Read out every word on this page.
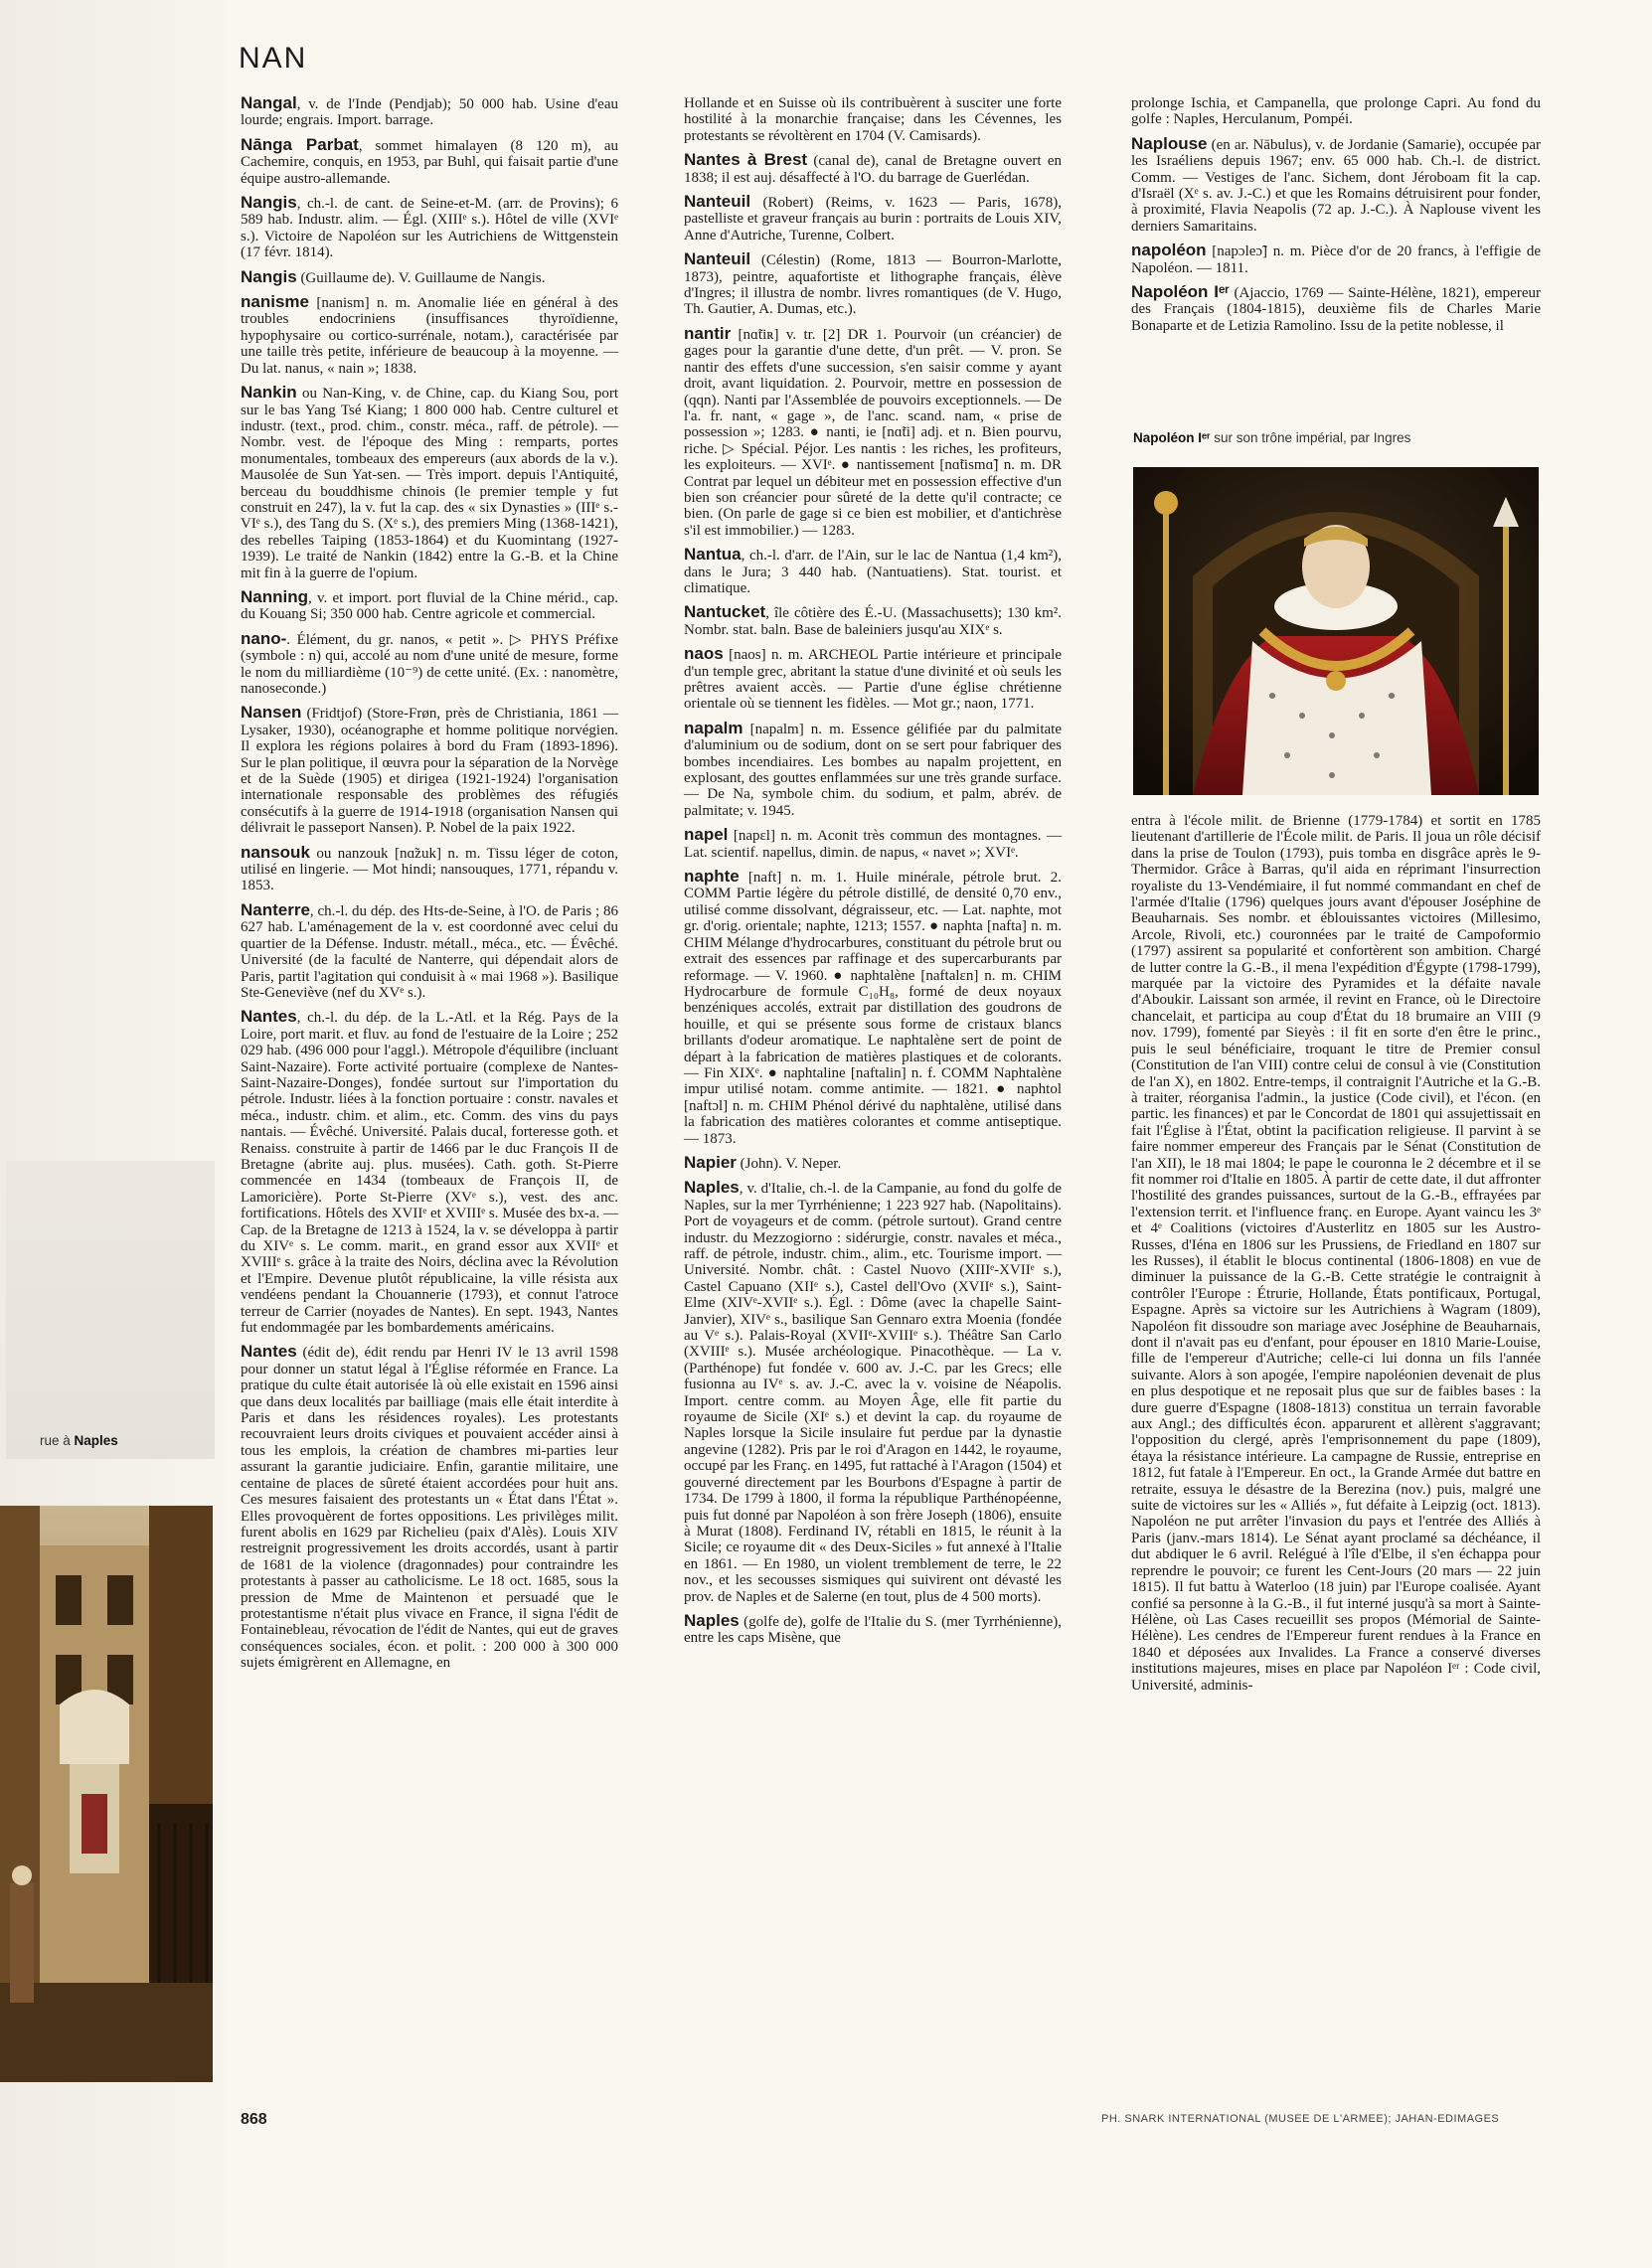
NAN

Nangal, v. de l'Inde (Pendjab); 50 000 hab. Usine d'eau lourde; engrais. Import. barrage.

Nānga Parbat, sommet himalayen (8 120 m), au Cachemire, conquis, en 1953, par Buhl, qui faisait partie d'une équipe austro-allemande.

Nangis, ch.-l. de cant. de Seine-et-M. (arr. de Provins); 6 589 hab. Industr. alim. — Égl. (XIIIᵉ s.). Hôtel de ville (XVIᵉ s.). Victoire de Napoléon sur les Autrichiens de Wittgenstein (17 févr. 1814).

Nangis (Guillaume de). V. Guillaume de Nangis.

nanisme [nanism] n. m. Anomalie liée en général à des troubles endocriniens (insuffisances thyroïdienne, hypophysaire ou cortico-surrénale, notam.), caractérisée par une taille très petite, inférieure de beaucoup à la moyenne. — Du lat. nanus, « nain »; 1838.

Nankin ou Nan-King, v. de Chine, cap. du Kiang Sou, port sur le bas Yang Tsé Kiang; 1 800 000 hab. Centre culturel et industr. (text., prod. chim., constr. méca., raff. de pétrole). — Nombr. vest. de l'époque des Ming : remparts, portes monumentales, tombeaux des empereurs (aux abords de la v.). Mausolée de Sun Yat-sen. — Très import. depuis l'Antiquité, berceau du bouddhisme chinois (le premier temple y fut construit en 247), la v. fut la cap. des « six Dynasties » (IIIᵉ s.-VIᵉ s.), des Tang du S. (Xᵉ s.), des premiers Ming (1368-1421), des rebelles Taiping (1853-1864) et du Kuomintang (1927-1939). Le traité de Nankin (1842) entre la G.-B. et la Chine mit fin à la guerre de l'opium.

Nanning, v. et import. port fluvial de la Chine mérid., cap. du Kouang Si; 350 000 hab. Centre agricole et commercial.

nano-. Élément, du gr. nanos, « petit ». ▷ PHYS Préfixe (symbole : n) qui, accolé au nom d'une unité de mesure, forme le nom du milliardième (10⁻⁹) de cette unité. (Ex. : nanomètre, nanoseconde.)

Nansen (Fridtjof) (Store-Frøn, près de Christiania, 1861 — Lysaker, 1930), océanographe et homme politique norvégien. Il explora les régions polaires à bord du Fram (1893-1896). Sur le plan politique, il œuvra pour la séparation de la Norvège et de la Suède (1905) et dirigea (1921-1924) l'organisation internationale responsable des problèmes des réfugiés consécutifs à la guerre de 1914-1918 (organisation Nansen qui délivrait le passeport Nansen). P. Nobel de la paix 1922.

nansouk ou nanzouk [nɑ̃zuk] n. m. Tissu léger de coton, utilisé en lingerie. — Mot hindi; nansouques, 1771, répandu v. 1853.

Nanterre, ch.-l. du dép. des Hts-de-Seine, à l'O. de Paris ; 86 627 hab. L'aménagement de la v. est coordonné avec celui du quartier de la Défense. Industr. métall., méca., etc. — Évêché. Université (de la faculté de Nanterre, qui dépendait alors de Paris, partit l'agitation qui conduisit à « mai 1968 »). Basilique Ste-Geneviève (nef du XVᵉ s.).

Nantes, ch.-l. du dép. de la L.-Atl. et la Rég. Pays de la Loire, port marit. et fluv. au fond de l'estuaire de la Loire ; 252 029 hab. (496 000 pour l'aggl.). Métropole d'équilibre (incluant Saint-Nazaire). Forte activité portuaire (complexe de Nantes-Saint-Nazaire-Donges), fondée surtout sur l'importation du pétrole. Industr. liées à la fonction portuaire : constr. navales et méca., industr. chim. et alim., etc. Comm. des vins du pays nantais. — Évêché. Université. Palais ducal, forteresse goth. et Renaiss. construite à partir de 1466 par le duc François II de Bretagne (abrite auj. plus. musées). Cath. goth. St-Pierre commencée en 1434 (tombeaux de François II, de Lamoricière). Porte St-Pierre (XVᵉ s.), vest. des anc. fortifications. Hôtels des XVIIᵉ et XVIIIᵉ s. Musée des bx-a. — Cap. de la Bretagne de 1213 à 1524, la v. se développa à partir du XIVᵉ s. Le comm. marit., en grand essor aux XVIIᵉ et XVIIIᵉ s. grâce à la traite des Noirs, déclina avec la Révolution et l'Empire. Devenue plutôt républicaine, la ville résista aux vendéens pendant la Chouannerie (1793), et connut l'atroce terreur de Carrier (noyades de Nantes). En sept. 1943, Nantes fut endommagée par les bombardements américains.

Nantes (édit de), édit rendu par Henri IV le 13 avril 1598 pour donner un statut légal à l'Église réformée en France. La pratique du culte était autorisée là où elle existait en 1596 ainsi que dans deux localités par bailliage (mais elle était interdite à Paris et dans les résidences royales). Les protestants recouvraient leurs droits civiques et pouvaient accéder ainsi à tous les emplois, la création de chambres mi-parties leur assurant la garantie judiciaire. Enfin, garantie militaire, une centaine de places de sûreté étaient accordées pour huit ans. Ces mesures faisaient des protestants un « État dans l'État ». Elles provoquèrent de fortes oppositions. Les privilèges milit. furent abolis en 1629 par Richelieu (paix d'Alès). Louis XIV restreignit progressivement les droits accordés, usant à partir de 1681 de la violence (dragonnades) pour contraindre les protestants à passer au catholicisme. Le 18 oct. 1685, sous la pression de Mme de Maintenon et persuadé que le protestantisme n'était plus vivace en France, il signa l'édit de Fontainebleau, révocation de l'édit de Nantes, qui eut de graves conséquences sociales, écon. et polit. : 200 000 à 300 000 sujets émigrèrent en Allemagne, en

Hollande et en Suisse où ils contribuèrent à susciter une forte hostilité à la monarchie française; dans les Cévennes, les protestants se révoltèrent en 1704 (V. Camisards).

Nantes à Brest (canal de), canal de Bretagne ouvert en 1838; il est auj. désaffecté à l'O. du barrage de Guerlédan.

Nanteuil (Robert) (Reims, v. 1623 — Paris, 1678), pastelliste et graveur français au burin : portraits de Louis XIV, Anne d'Autriche, Turenne, Colbert.

Nanteuil (Célestin) (Rome, 1813 — Bourron-Marlotte, 1873), peintre, aquafortiste et lithographe français, élève d'Ingres; il illustra de nombr. livres romantiques (de V. Hugo, Th. Gautier, A. Dumas, etc.).

nantir [nɑ̃tiʀ] v. tr. [2] DR 1. Pourvoir (un créancier) de gages pour la garantie d'une dette, d'un prêt. — V. pron. Se nantir des effets d'une succession, s'en saisir comme y ayant droit, avant liquidation. 2. Pourvoir, mettre en possession de (qqn). Nanti par l'Assemblée de pouvoirs exceptionnels. — De l'a. fr. nant, « gage », de l'anc. scand. nam, « prise de possession »; 1283. ● nanti, ie [nɑ̃ti] adj. et n. Bien pourvu, riche. ▷ Spécial. Péjor. Les nantis : les riches, les profiteurs, les exploiteurs. — XVIᵉ. ● nantissement [nɑ̃tismɑ̃] n. m. DR Contrat par lequel un débiteur met en possession effective d'un bien son créancier pour sûreté de la dette qu'il contracte; ce bien. (On parle de gage si ce bien est mobilier, et d'antichrèse s'il est immobilier.) — 1283.

Nantua, ch.-l. d'arr. de l'Ain, sur le lac de Nantua (1,4 km²), dans le Jura; 3 440 hab. (Nantuatiens). Stat. tourist. et climatique.

Nantucket, île côtière des É.-U. (Massachusetts); 130 km². Nombr. stat. baln. Base de baleiniers jusqu'au XIXᵉ s.

naos [naos] n. m. ARCHEOL Partie intérieure et principale d'un temple grec, abritant la statue d'une divinité et où seuls les prêtres avaient accès. — Partie d'une église chrétienne orientale où se tiennent les fidèles. — Mot gr.; naon, 1771.

napalm [napalm] n. m. Essence gélifiée par du palmitate d'aluminium ou de sodium, dont on se sert pour fabriquer des bombes incendiaires. Les bombes au napalm projettent, en explosant, des gouttes enflammées sur une très grande surface. — De Na, symbole chim. du sodium, et palm, abrév. de palmitate; v. 1945.

napel [napɛl] n. m. Aconit très commun des montagnes. — Lat. scientif. napellus, dimin. de napus, « navet »; XVIᵉ.

naphte [naft] n. m. 1. Huile minérale, pétrole brut. 2. COMM Partie légère du pétrole distillé, de densité 0,70 env., utilisé comme dissolvant, dégraisseur, etc. — Lat. naphte, mot gr. d'orig. orientale; naphte, 1213; 1557. ● naphta [nafta] n. m. CHIM Mélange d'hydrocarbures, constituant du pétrole brut ou extrait des essences par raffinage et des supercarburants par reformage. — V. 1960. ● naphtalène [naftalɛn] n. m. CHIM Hydrocarbure de formule C₁₀H₈, formé de deux noyaux benzéniques accolés, extrait par distillation des goudrons de houille, et qui se présente sous forme de cristaux blancs brillants d'odeur aromatique. Le naphtalène sert de point de départ à la fabrication de matières plastiques et de colorants. — Fin XIXᵉ. ● naphtaline [naftalin] n. f. COMM Naphtalène impur utilisé notam. comme antimite. — 1821. ● naphtol [naftɔl] n. m. CHIM Phénol dérivé du naphtalène, utilisé dans la fabrication des matières colorantes et comme antiseptique. — 1873.

Napier (John). V. Neper.

Naples, v. d'Italie, ch.-l. de la Campanie, au fond du golfe de Naples, sur la mer Tyrrhénienne; 1 223 927 hab. (Napolitains). Port de voyageurs et de comm. (pétrole surtout). Grand centre industr. du Mezzogiorno : sidérurgie, constr. navales et méca., raff. de pétrole, industr. chim., alim., etc. Tourisme import. — Université. Nombr. chât. : Castel Nuovo (XIIIᵉ-XVIIᵉ s.), Castel Capuano (XIIᵉ s.), Castel dell'Ovo (XVIIᵉ s.), Saint-Elme (XIVᵉ-XVIIᵉ s.). Égl. : Dôme (avec la chapelle Saint-Janvier), XIVᵉ s., basilique San Gennaro extra Moenia (fondée au Vᵉ s.). Palais-Royal (XVIIᵉ-XVIIIᵉ s.). Théâtre San Carlo (XVIIIᵉ s.). Musée archéologique. Pinacothèque. — La v. (Parthénope) fut fondée v. 600 av. J.-C. par les Grecs; elle fusionna au IVᵉ s. av. J.-C. avec la v. voisine de Néapolis. Import. centre comm. au Moyen Âge, elle fit partie du royaume de Sicile (XIᵉ s.) et devint la cap. du royaume de Naples lorsque la Sicile insulaire fut perdue par la dynastie angevine (1282). Pris par le roi d'Aragon en 1442, le royaume, occupé par les Franç. en 1495, fut rattaché à l'Aragon (1504) et gouverné directement par les Bourbons d'Espagne à partir de 1734. De 1799 à 1800, il forma la république Parthénopéenne, puis fut donné par Napoléon à son frère Joseph (1806), ensuite à Murat (1808). Ferdinand IV, rétabli en 1815, le réunit à la Sicile; ce royaume dit « des Deux-Siciles » fut annexé à l'Italie en 1861. — En 1980, un violent tremblement de terre, le 22 nov., et les secousses sismiques qui suivirent ont dévasté les prov. de Naples et de Salerne (en tout, plus de 4 500 morts).

Naples (golfe de), golfe de l'Italie du S. (mer Tyrrhénienne), entre les caps Misène, que

prolonge Ischia, et Campanella, que prolonge Capri. Au fond du golfe : Naples, Herculanum, Pompéi.

Naplouse (en ar. Nābulus), v. de Jordanie (Samarie), occupée par les Israéliens depuis 1967; env. 65 000 hab. Ch.-l. de district. Comm. — Vestiges de l'anc. Sichem, dont Jéroboam fit la cap. d'Israël (Xᵉ s. av. J.-C.) et que les Romains détruisirent pour fonder, à proximité, Flavia Neapolis (72 ap. J.-C.). À Naplouse vivent les derniers Samaritains.

napoléon [napɔleɔ̃] n. m. Pièce d'or de 20 francs, à l'effigie de Napoléon. — 1811.

Napoléon Iᵉʳ (Ajaccio, 1769 — Sainte-Hélène, 1821), empereur des Français (1804-1815), deuxième fils de Charles Marie Bonaparte et de Letizia Ramolino. Issu de la petite noblesse, il

entra à l'école milit. de Brienne (1779-1784) et sortit en 1785 lieutenant d'artillerie de l'École milit. de Paris. Il joua un rôle décisif dans la prise de Toulon (1793), puis tomba en disgrâce après le 9-Thermidor. Grâce à Barras, qu'il aida en réprimant l'insurrection royaliste du 13-Vendémiaire, il fut nommé commandant en chef de l'armée d'Italie (1796) quelques jours avant d'épouser Joséphine de Beauharnais. Ses nombr. et éblouissantes victoires (Millesimo, Arcole, Rivoli, etc.) couronnées par le traité de Campoformio (1797) assirent sa popularité et confortèrent son ambition. Chargé de lutter contre la G.-B., il mena l'expédition d'Égypte (1798-1799), marquée par la victoire des Pyramides et la défaite navale d'Aboukir. Laissant son armée, il revint en France, où le Directoire chancelait, et participa au coup d'État du 18 brumaire an VIII (9 nov. 1799), fomenté par Sieyès : il fit en sorte d'en être le princ., puis le seul bénéficiaire, troquant le titre de Premier consul (Constitution de l'an VIII) contre celui de consul à vie (Constitution de l'an X), en 1802. Entre-temps, il contraignit l'Autriche et la G.-B. à traiter, réorganisa l'admin., la justice (Code civil), et l'écon. (en partic. les finances) et par le Concordat de 1801 qui assujettissait en fait l'Église à l'État, obtint la pacification religieuse. Il parvint à se faire nommer empereur des Français par le Sénat (Constitution de l'an XII), le 18 mai 1804; le pape le couronna le 2 décembre et il se fit nommer roi d'Italie en 1805. À partir de cette date, il dut affronter l'hostilité des grandes puissances, surtout de la G.-B., effrayées par l'extension territ. et l'influence franç. en Europe. Ayant vaincu les 3ᵉ et 4ᵉ Coalitions (victoires d'Austerlitz en 1805 sur les Austro-Russes, d'Iéna en 1806 sur les Prussiens, de Friedland en 1807 sur les Russes), il établit le blocus continental (1806-1808) en vue de diminuer la puissance de la G.-B. Cette stratégie le contraignit à contrôler l'Europe : Étrurie, Hollande, États pontificaux, Portugal, Espagne. Après sa victoire sur les Autrichiens à Wagram (1809), Napoléon fit dissoudre son mariage avec Joséphine de Beauharnais, dont il n'avait pas eu d'enfant, pour épouser en 1810 Marie-Louise, fille de l'empereur d'Autriche; celle-ci lui donna un fils l'année suivante. Alors à son apogée, l'empire napoléonien devenait de plus en plus despotique et ne reposait plus que sur de faibles bases : la dure guerre d'Espagne (1808-1813) constitua un terrain favorable aux Angl.; des difficultés écon. apparurent et allèrent s'aggravant; l'opposition du clergé, après l'emprisonnement du pape (1809), étaya la résistance intérieure. La campagne de Russie, entreprise en 1812, fut fatale à l'Empereur. En oct., la Grande Armée dut battre en retraite, essuya le désastre de la Berezina (nov.) puis, malgré une suite de victoires sur les « Alliés », fut défaite à Leipzig (oct. 1813). Napoléon ne put arrêter l'invasion du pays et l'entrée des Alliés à Paris (janv.-mars 1814). Le Sénat ayant proclamé sa déchéance, il dut abdiquer le 6 avril. Relégué à l'île d'Elbe, il s'en échappa pour reprendre le pouvoir; ce furent les Cent-Jours (20 mars — 22 juin 1815). Il fut battu à Waterloo (18 juin) par l'Europe coalisée. Ayant confié sa personne à la G.-B., il fut interné jusqu'à sa mort à Sainte-Hélène, où Las Cases recueillit ses propos (Mémorial de Sainte-Hélène). Les cendres de l'Empereur furent rendues à la France en 1840 et déposées aux Invalides. La France a conservé diverses institutions majeures, mises en place par Napoléon Iᵉʳ : Code civil, Université, adminis-

Napoléon Iᵉʳ sur son trône impérial, par Ingres
rue à Naples
868	PH. SNARK INTERNATIONAL (MUSEE DE L'ARMEE); JAHAN-EDIMAGES
